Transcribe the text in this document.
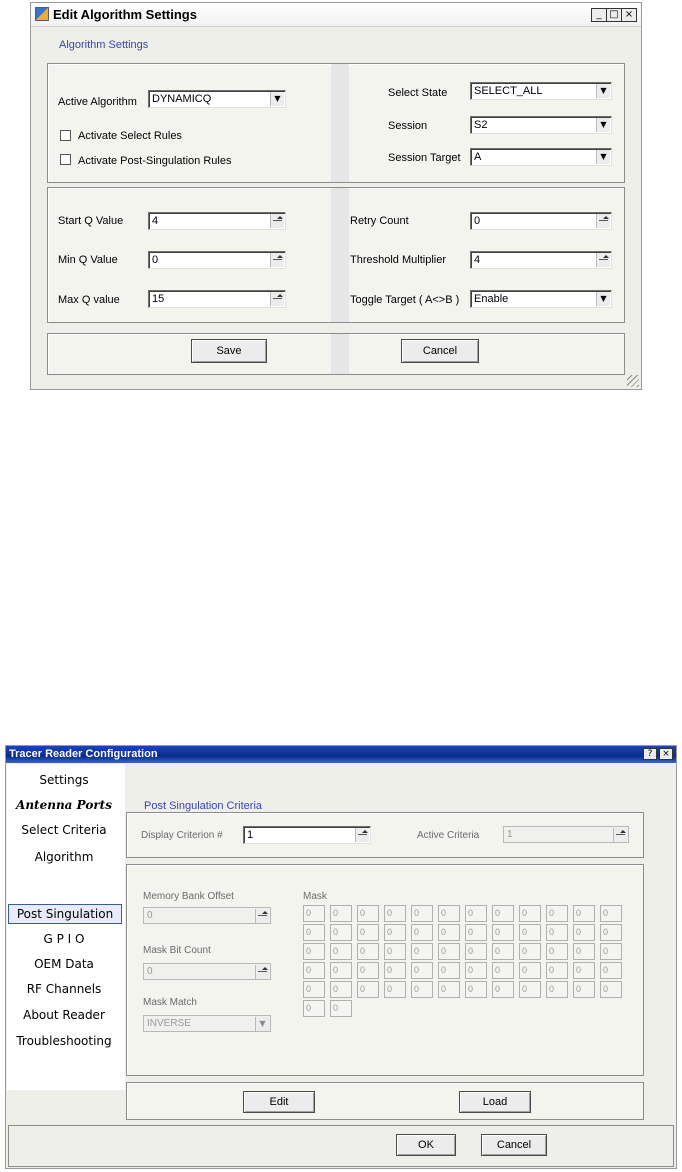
Edit Algorithm Settings	_ □ ×
Algorithm Settings
Active Algorithm	DYNAMICQ	▼
Activate Select Rules
Activate Post-Singulation Rules
Select State	SELECT_ALL	▼
Session	S2	▼
Session Target	A	▼
Start Q Value	4
Min Q Value	0
Max Q value	15
Retry Count	0
Threshold Multiplier	4
Toggle Target ( A<>B )	Enable	▼
Save	Cancel
Tracer Reader Configuration	?	×
Settings
Antenna Ports
Select Criteria
Algorithm
Post Singulation
G P I O
OEM Data
RF Channels
About Reader
Troubleshooting
Post Singulation Criteria
Display Criterion #	1	Active Criteria	1
Memory Bank Offset
0
Mask Bit Count
0
Mask Match
INVERSE	▼
Mask
0	0	0	0	0	0	0	0	0	0	0	0
0	0	0	0	0	0	0	0	0	0	0	0
0	0	0	0	0	0	0	0	0	0	0	0
0	0	0	0	0	0	0	0	0	0	0	0
0	0	0	0	0	0	0	0	0	0	0	0
0	0
Edit	Load
OK	Cancel
